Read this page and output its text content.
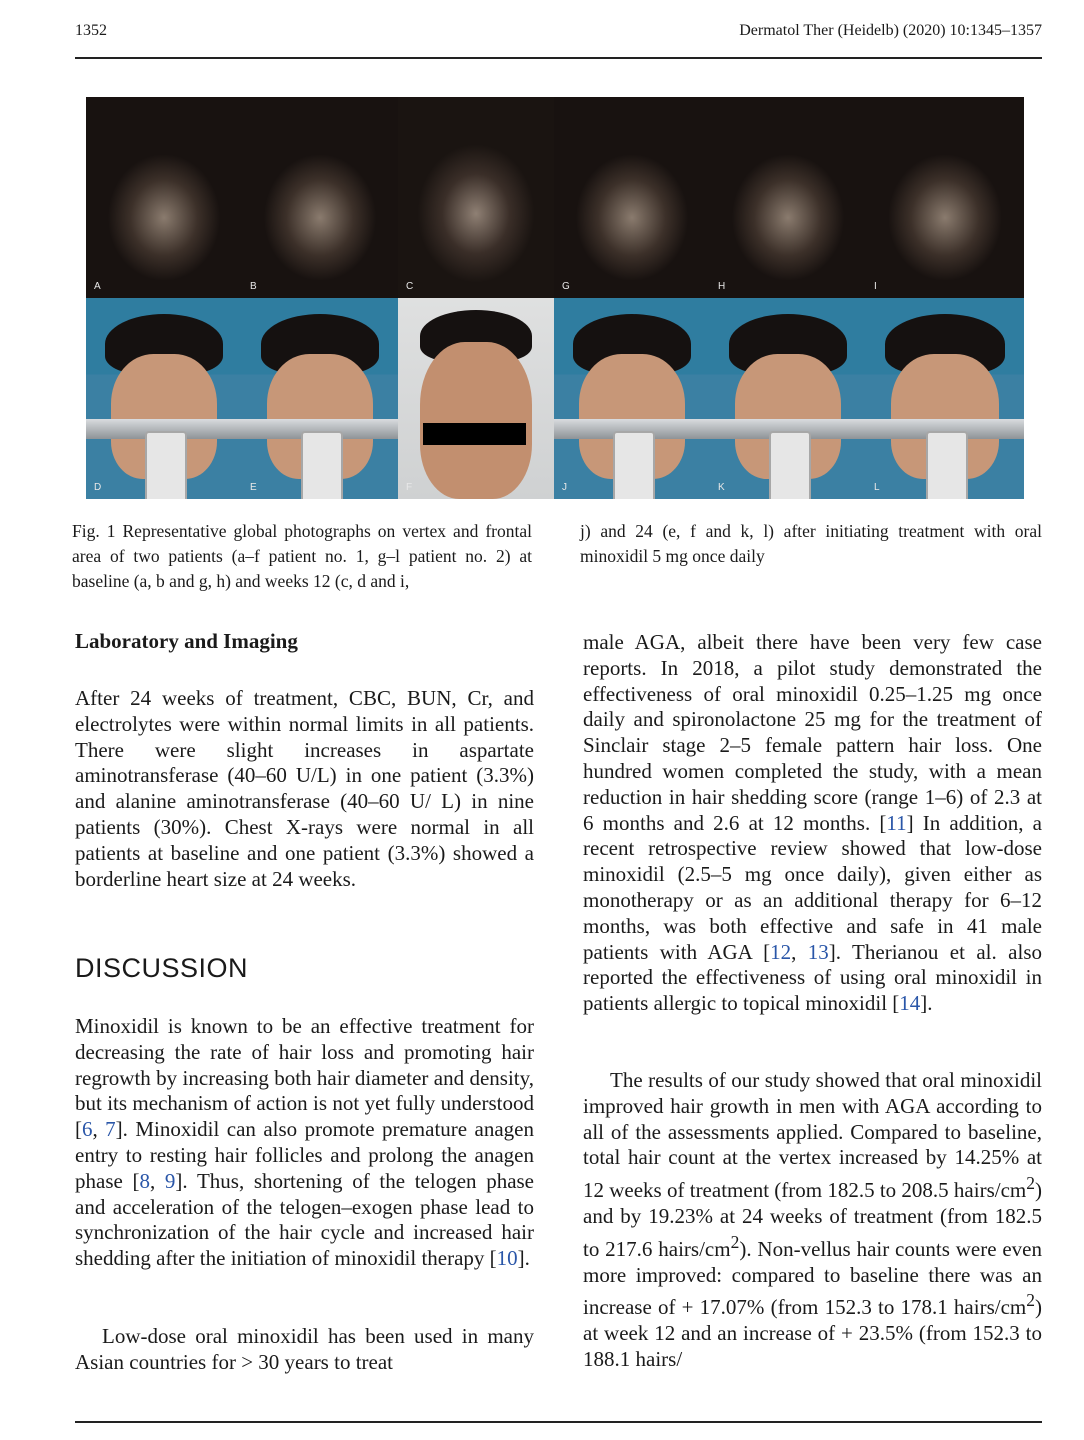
1352	Dermatol Ther (Heidelb) (2020) 10:1345–1357
A	B	C	G	H	I
D	E	F	J	K	L
Fig. 1 Representative global photographs on vertex and frontal area of two patients (a–f patient no. 1, g–l patient no. 2) at baseline (a, b and g, h) and weeks 12 (c, d and i,
j) and 24 (e, f and k, l) after initiating treatment with oral minoxidil 5 mg once daily
Laboratory and Imaging
After 24 weeks of treatment, CBC, BUN, Cr, and electrolytes were within normal limits in all patients. There were slight increases in aspartate aminotransferase (40–60 U/L) in one patient (3.3%) and alanine aminotransferase (40–60 U/ L) in nine patients (30%). Chest X-rays were normal in all patients at baseline and one patient (3.3%) showed a borderline heart size at 24 weeks.
DISCUSSION
Minoxidil is known to be an effective treatment for decreasing the rate of hair loss and promoting hair regrowth by increasing both hair diameter and density, but its mechanism of action is not yet fully understood [6, 7]. Minoxidil can also promote premature anagen entry to resting hair follicles and prolong the anagen phase [8, 9]. Thus, shortening of the telogen phase and acceleration of the telogen–exogen phase lead to synchronization of the hair cycle and increased hair shedding after the initiation of minoxidil therapy [10].
Low-dose oral minoxidil has been used in many Asian countries for > 30 years to treat
male AGA, albeit there have been very few case reports. In 2018, a pilot study demonstrated the effectiveness of oral minoxidil 0.25–1.25 mg once daily and spironolactone 25 mg for the treatment of Sinclair stage 2–5 female pattern hair loss. One hundred women completed the study, with a mean reduction in hair shedding score (range 1–6) of 2.3 at 6 months and 2.6 at 12 months. [11] In addition, a recent retrospective review showed that low-dose minoxidil (2.5–5 mg once daily), given either as monotherapy or as an additional therapy for 6–12 months, was both effective and safe in 41 male patients with AGA [12, 13]. Therianou et al. also reported the effectiveness of using oral minoxidil in patients allergic to topical minoxidil [14].
The results of our study showed that oral minoxidil improved hair growth in men with AGA according to all of the assessments applied. Compared to baseline, total hair count at the vertex increased by 14.25% at 12 weeks of treatment (from 182.5 to 208.5 hairs/$cm^2$) and by 19.23% at 24 weeks of treatment (from 182.5 to 217.6 hairs/$cm^2$). Non-vellus hair counts were even more improved: compared to baseline there was an increase of + 17.07% (from 152.3 to 178.1 hairs/$cm^2$) at week 12 and an increase of + 23.5% (from 152.3 to 188.1 hairs/
